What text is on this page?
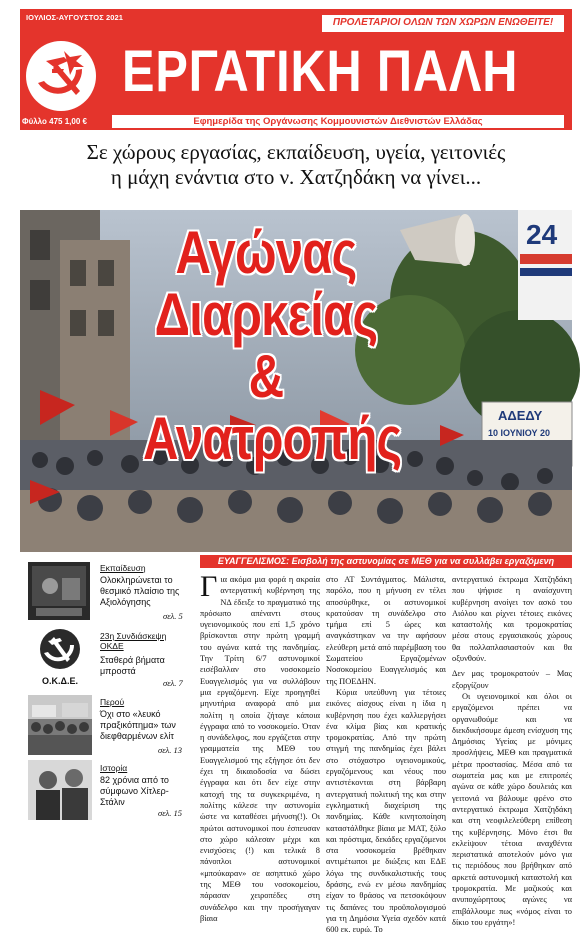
ΙΟΥΛΙΟΣ-ΑΥΓΟΥΣΤΟΣ 2021	ΠΡΟΛΕΤΑΡΙΟΙ ΟΛΩΝ ΤΩΝ ΧΩΡΩΝ ΕΝΩΘΕΙΤΕ!
ΕΡΓΑΤΙΚΗ ΠΑΛΗ
Φύλλο 475 1,00 €	Εφημερίδα της Οργάνωσης Κομμουνιστών Διεθνιστών Ελλάδας
Σε χώρους εργασίας, εκπαίδευση, υγεία, γειτονιές
η μάχη ενάντια στο ν. Χατζηδάκη να γίνει...
24
ΑΔΕΔΥ
10 ΙΟΥΝΙΟΥ 20
Αγώνας
Διαρκείας &
Ανατροπής
Εκπαίδευση
Ολοκληρώνεται το θεσμικό πλαίσιο της Αξιολόγησης
σελ. 5
Ο.Κ.Δ.Ε.
23η Συνδιάσκεψη ΟΚΔΕ
Σταθερά βήματα μπροστά
σελ. 7
Περού
Όχι στο «λευκό πραξικόπημα» των διεφθαρμένων ελίτ
σελ. 13
Ιστορία
82 χρόνια από το σύμφωνο Χίτλερ-Στάλιν
σελ. 15
ΕΥΑΓΓΕΛΙΣΜΟΣ: Εισβολή της αστυνομίας σε ΜΕΘ για να συλλάβει εργαζόμενη

Για ακόμα μια φορά η ακραία αντεργατική κυβέρνηση της ΝΔ έδειξε το πραγματικό της πρόσωπο απέναντι στους υγειονομικούς που επί 1,5 χρόνο βρίσκονται στην πρώτη γραμμή του αγώνα κατά της πανδημίας. Την Τρίτη 6/7 αστυνομικοί εισέβαλλαν στο νοσοκομείο Ευαγγελισμός για να συλλάβουν μια εργαζόμενη. Είχε προηγηθεί μηνυτήρια αναφορά από μια πολίτη η οποία ζήταγε κάποια έγγραφα από το νοσοκομείο. Όταν η συνάδελφος, που εργάζεται στην γραμματεία της ΜΕΘ του Ευαγγελισμού της εξήγησε ότι δεν έχει τη δικαιοδοσία να δώσει έγγραφα και ότι δεν είχε στην κατοχή της τα συγκεκριμένα, η πολίτης κάλεσε την αστυνομία ώστε να καταθέσει μήνυση(!). Οι πρώτοι αστυνομικοί που έσπευσαν στο χώρο κάλεσαν μέχρι και ενισχύσεις (!) και τελικά 8 πάνοπλοι αστυνομικοί «μπούκαραν» σε ασηπτικό χώρο της ΜΕΘ του νοσοκομείου, πάρασαν χειροπέδες στη συνάδελφο και την προσήγαγαν βίαια

στο ΑΤ Συντάγματος. Μάλιστα, παρόλο, που η μήνυση εν τέλει αποσύρθηκε, οι αστυνομικοί κρατούσαν τη συνάδελφο στο τμήμα επί 5 ώρες και αναγκάστηκαν να την αφήσουν ελεύθερη μετά από παρέμβαση του Σωματείου Εργαζομένων Νοσοκομείου Ευαγγελισμός και της ΠΟΕΔΗΝ.

Κύρια υπεύθυνη για τέτοιες εικόνες αίσχους είναι η ίδια η κυβέρνηση που έχει καλλιεργήσει ένα κλίμα βίας και κρατικής τρομοκρατίας. Από την πρώτη στιγμή της πανδημίας έχει βάλει στο στόχαστρο υγειονομικούς, εργαζόμενους και νέους που αντιστέκονται στη βάρβαρη αντεργατική πολιτική της και στην εγκληματική διαχείριση της πανδημίας. Κάθε κινητοποίηση καταστάλθηκε βίαια με ΜΑΤ, ξύλο και πρόστιμα, δεκάδες εργαζόμενοι στα νοσοκομεία βρέθηκαν αντιμέτωποι με διώξεις και ΕΔΕ λόγω της συνδικαλιστικής τους δράσης, ενώ εν μέσω πανδημίας είχαν το θράσος να πετσοκόψουν τις δαπάνες του προϋπολογισμού για τη Δημόσια Υγεία σχεδόν κατά 600 εκ. ευρώ. Το

αντεργατικό έκτρωμα Χατζηδάκη που ψήφισε η αναίσχυντη κυβέρνηση ανοίγει τον ασκό του Αιόλου και ρίχνει τέτοιες εικόνες καταστολής και τρομοκρατίας μέσα στους εργασιακούς χώρους θα πολλαπλασιαστούν και θα οξυνθούν.

Δεν μας τρομοκρατούν – Μας εξοργίζουν

Οι υγειονομικοί και όλοι οι εργαζόμενοι πρέπει να οργανωθούμε και να διεκδικήσουμε άμεση ενίσχυση της Δημόσιας Υγείας με μόνιμες προσλήψεις, ΜΕΘ και πραγματικά μέτρα προστασίας. Μέσα από τα σωματεία μας και με επιτροπές αγώνα σε κάθε χώρο δουλειάς και γειτονιά να βάλουμε φρένο στο αντεργατικό έκτρωμα Χατζηδάκη και στη νεοφιλελεύθερη επίθεση της κυβέρνησης. Μόνο έτσι θα εκλείψουν τέτοια αναχθέντα περιστατικά αποτελούν μόνο για τις περιόδους που βρήθηκαν από αρκετά αστυνομική καταστολή και τρομοκρατία. Με μαζικούς και ανυποχώρητους αγώνες να επιβάλλουμε πως «νόμος είναι το δίκιο του εργάτη»!
